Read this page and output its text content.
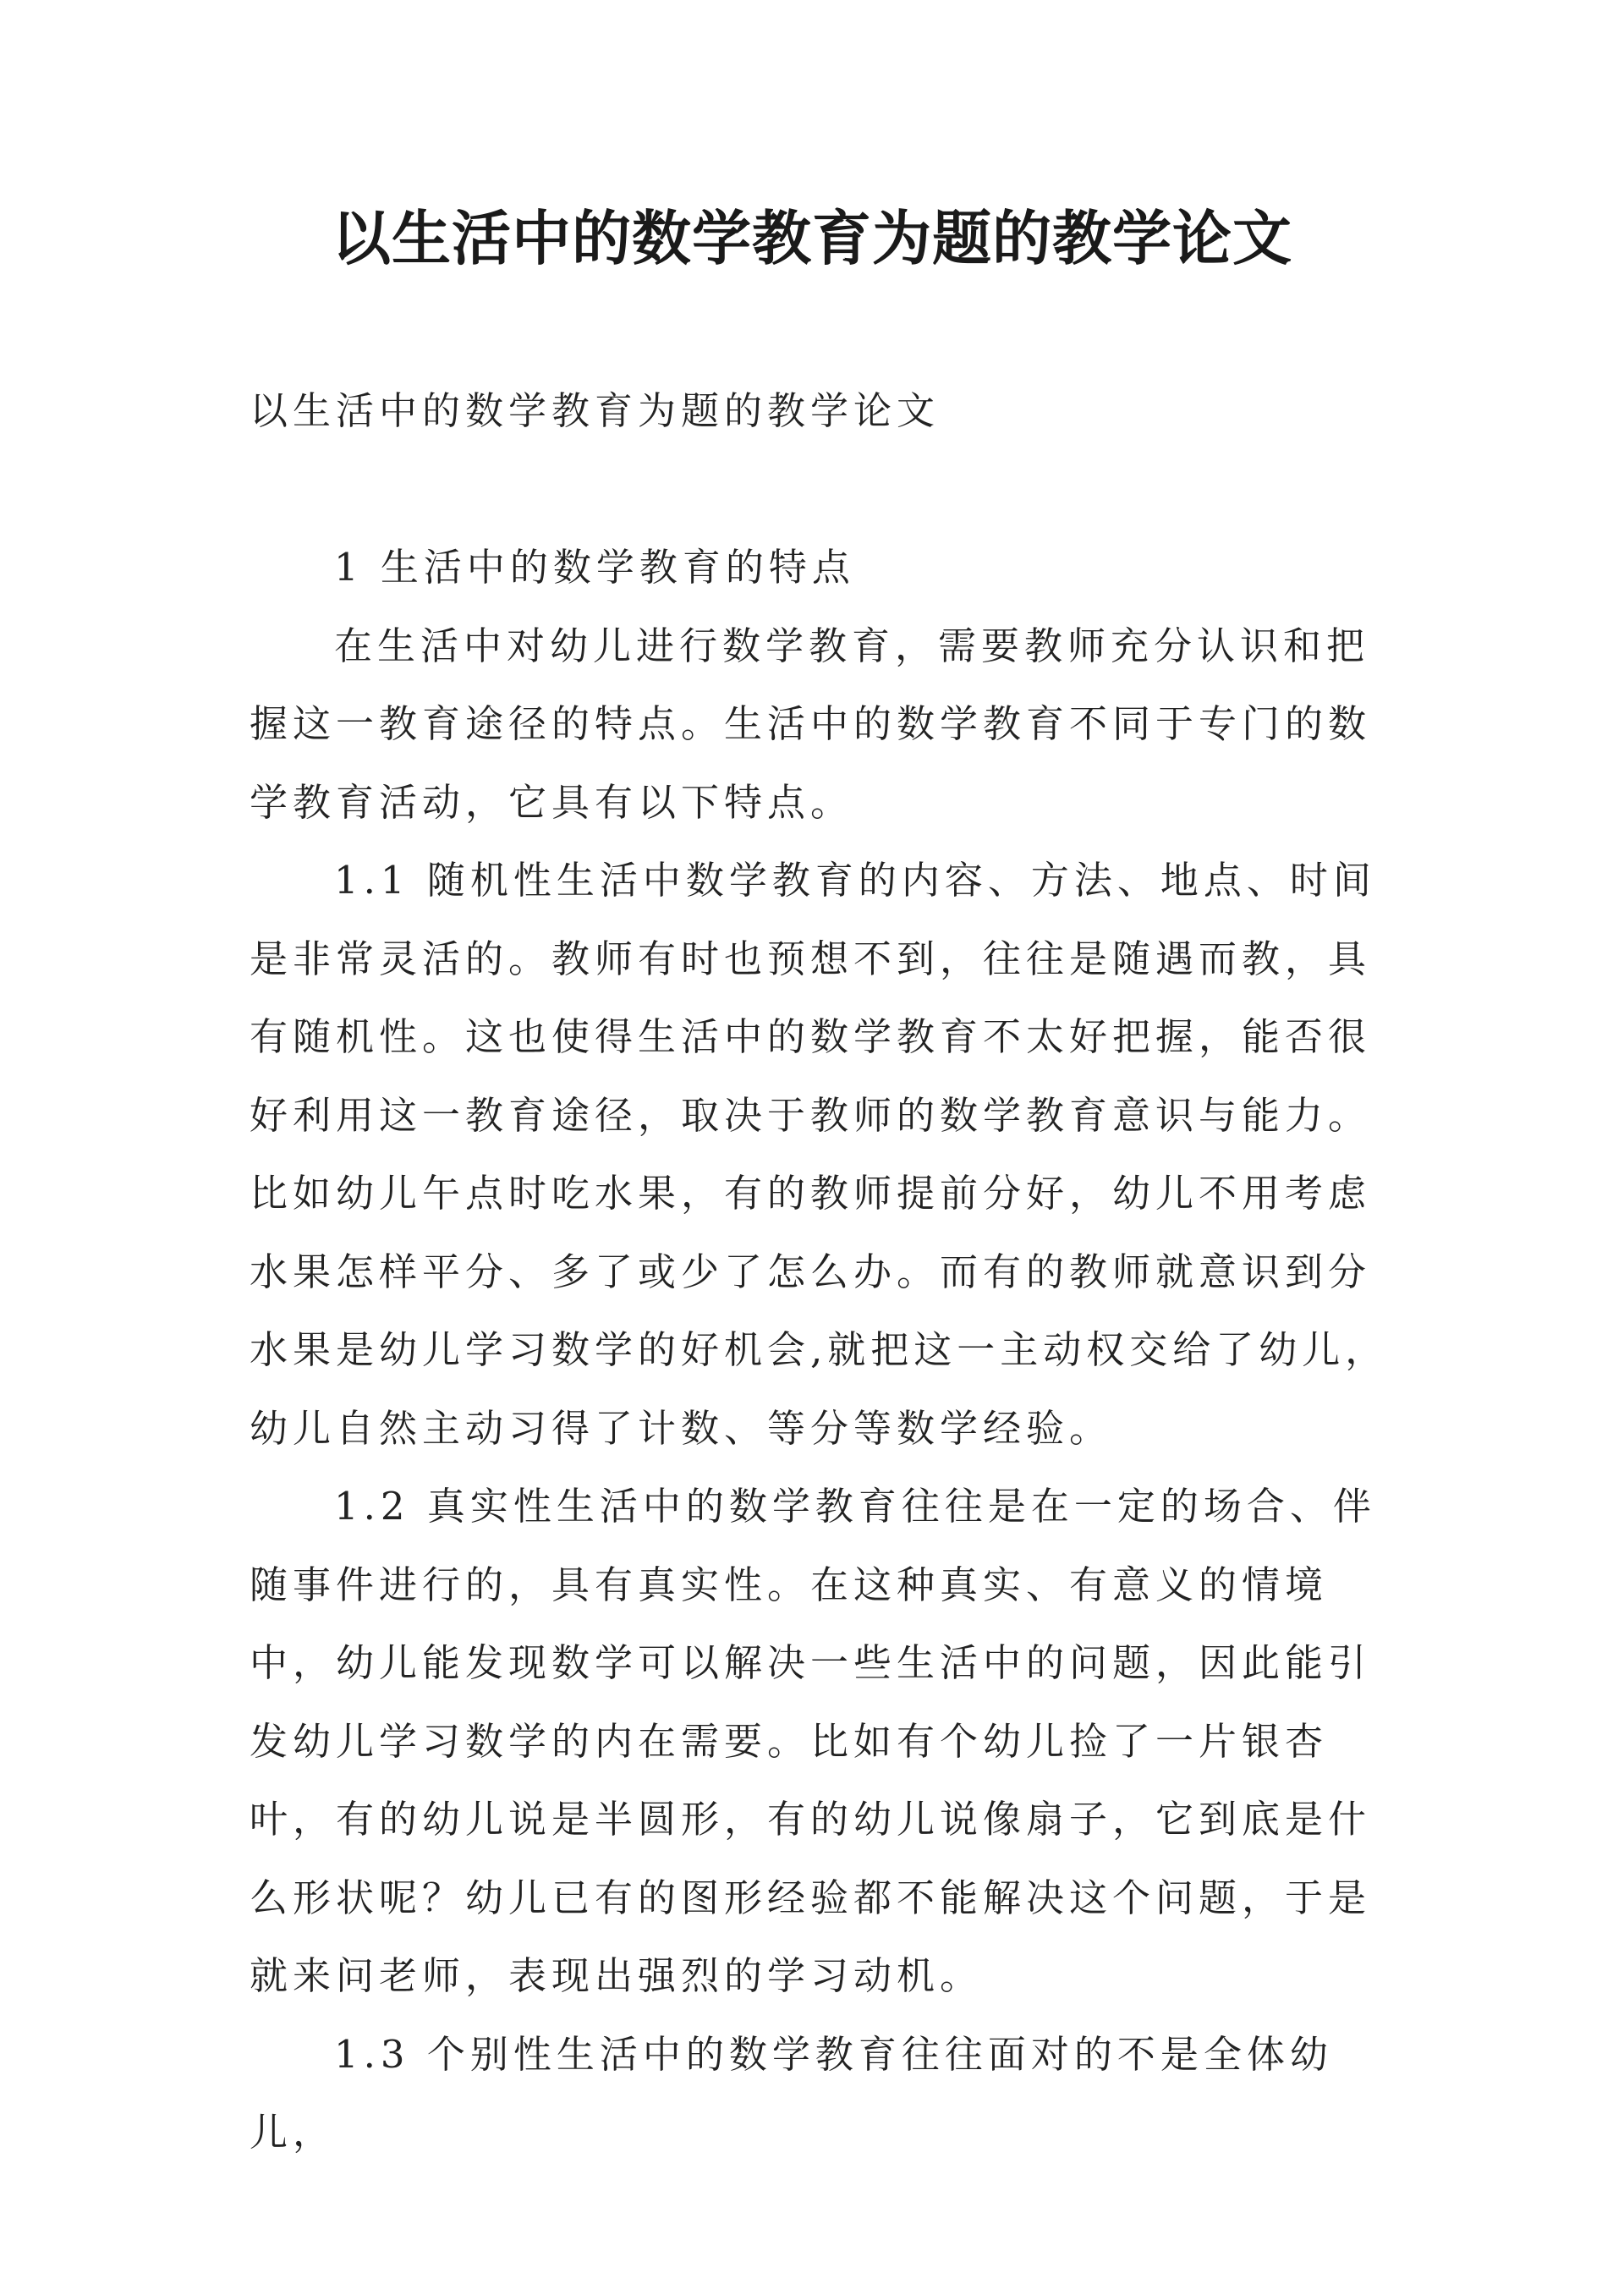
以生活中的数学教育为题的教学论文

以生活中的数学教育为题的教学论文

1 生活中的数学教育的特点

在生活中对幼儿进行数学教育，需要教师充分认识和把握这一教育途径的特点。生活中的数学教育不同于专门的数学教育活动，它具有以下特点。

1.1 随机性生活中数学教育的内容、方法、地点、时间是非常灵活的。教师有时也预想不到，往往是随遇而教，具有随机性。这也使得生活中的数学教育不太好把握，能否很好利用这一教育途径，取决于教师的数学教育意识与能力。比如幼儿午点时吃水果，有的教师提前分好，幼儿不用考虑水果怎样平分、多了或少了怎么办。而有的教师就意识到分水果是幼儿学习数学的好机会,就把这一主动权交给了幼儿，幼儿自然主动习得了计数、等分等数学经验。

1.2 真实性生活中的数学教育往往是在一定的场合、伴随事件进行的，具有真实性。在这种真实、有意义的情境中，幼儿能发现数学可以解决一些生活中的问题，因此能引发幼儿学习数学的内在需要。比如有个幼儿捡了一片银杏叶，有的幼儿说是半圆形，有的幼儿说像扇子，它到底是什么形状呢？幼儿已有的图形经验都不能解决这个问题，于是就来问老师，表现出强烈的学习动机。

1.3 个别性生活中的数学教育往往面对的不是全体幼儿，
